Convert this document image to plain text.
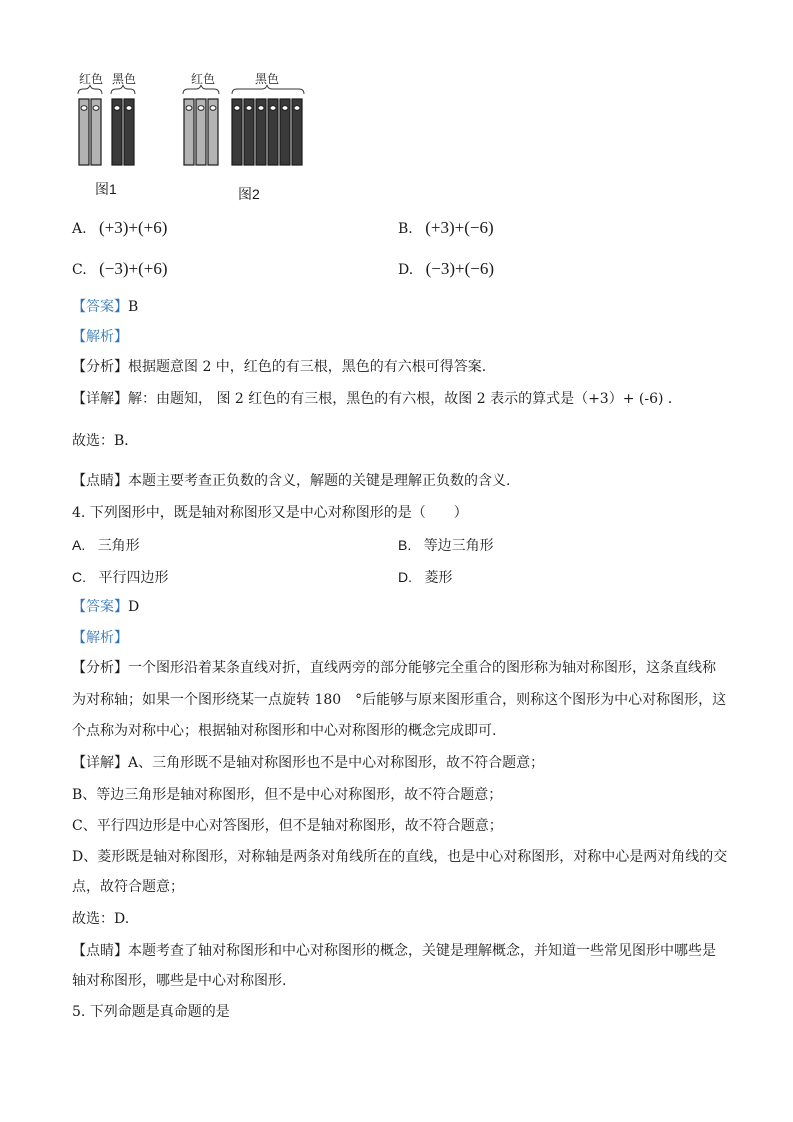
红色 黑色	红色	黑色
图1	图2
A. (+3)+(+6)	B. (+3)+(−6)
C. (−3)+(+6)	D. (−3)+(−6)
【答案】B
【解析】
【分析】根据题意图 2 中，红色的有三根，黑色的有六根可得答案.
【详解】解：由题知， 图 2 红色的有三根，黑色的有六根，故图 2 表示的算式是（+3）+ (-6) ．
故选：B．
【点睛】本题主要考查正负数的含义，解题的关键是理解正负数的含义.
4. 下列图形中，既是轴对称图形又是中心对称图形的是（　　）
A. 三角形	B. 等边三角形
C. 平行四边形	D. 菱形
【答案】D
【解析】
【分析】一个图形沿着某条直线对折，直线两旁的部分能够完全重合的图形称为轴对称图形，这条直线称
为对称轴；如果一个图形绕某一点旋转 180　°后能够与原来图形重合，则称这个图形为中心对称图形，这
个点称为对称中心；根据轴对称图形和中心对称图形的概念完成即可.
【详解】A、三角形既不是轴对称图形也不是中心对称图形，故不符合题意；
B、等边三角形是轴对称图形，但不是中心对称图形，故不符合题意；
C、平行四边形是中心对答图形，但不是轴对称图形，故不符合题意；
D、菱形既是轴对称图形，对称轴是两条对角线所在的直线，也是中心对称图形，对称中心是两对角线的交
点，故符合题意；
故选：D.
【点睛】本题考查了轴对称图形和中心对称图形的概念，关键是理解概念，并知道一些常见图形中哪些是
轴对称图形，哪些是中心对称图形.
5. 下列命题是真命题的是
